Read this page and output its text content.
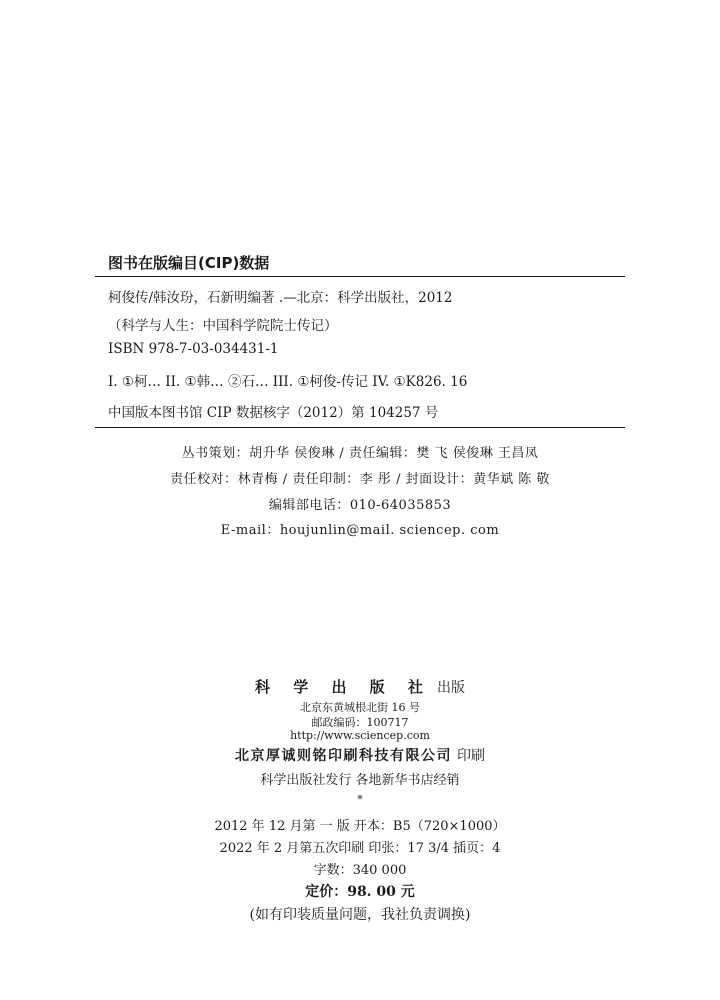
图书在版编目(CIP)数据
柯俊传/韩汝玢，石新明编著 .—北京：科学出版社，2012
（科学与人生：中国科学院院士传记）
ISBN 978-7-03-034431-1
I. ①柯… II. ①韩… ②石… III. ①柯俊-传记 IV. ①K826. 16
中国版本图书馆 CIP 数据核字（2012）第 104257 号
丛书策划：胡升华 侯俊琳 / 责任编辑：樊 飞 侯俊琳 王昌凤
责任校对：林青梅 / 责任印制：李 彤 / 封面设计：黄华斌 陈 敬
编辑部电话：010-64035853
E-mail：houjunlin@mail. sciencep. com
科 学 出 版 社 出版
北京东黄城根北街 16 号
邮政编码：100717
http://www.sciencep.com
北京厚诚则铭印刷科技有限公司 印刷
科学出版社发行 各地新华书店经销
*
2012 年 12 月第 一 版 开本：B5（720×1000）
2022 年 2 月第五次印刷 印张：17 3/4 插页：4
字数：340 000
定价：98. 00 元
(如有印装质量问题，我社负责调换)
